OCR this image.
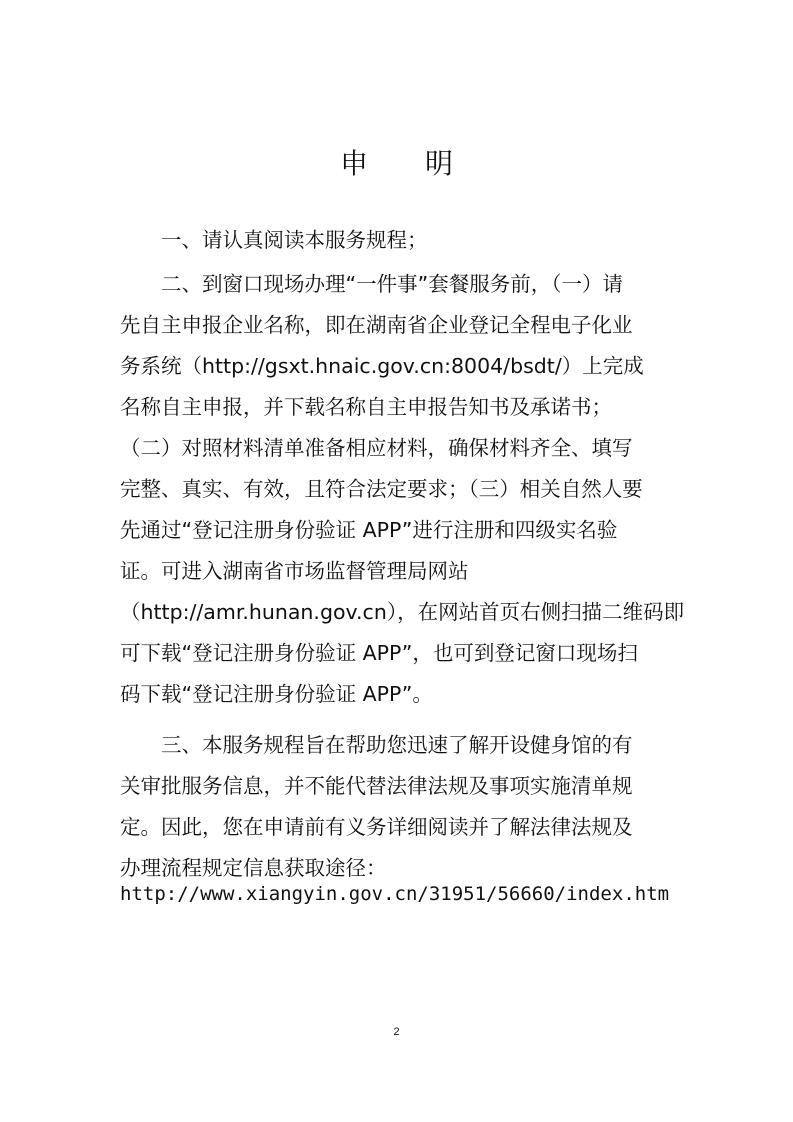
申 明
　　一、请认真阅读本服务规程；
　　二、到窗口现场办理“一件事”套餐服务前，（一）请
先自主申报企业名称，即在湖南省企业登记全程电子化业
务系统（http://gsxt.hnaic.gov.cn:8004/bsdt/）上完成
名称自主申报，并下载名称自主申报告知书及承诺书；
（二）对照材料清单准备相应材料，确保材料齐全、填写
完整、真实、有效，且符合法定要求；（三）相关自然人要
先通过“登记注册身份验证 APP”进行注册和四级实名验
证。可进入湖南省市场监督管理局网站
（http://amr.hunan.gov.cn），在网站首页右侧扫描二维码即
可下载“登记注册身份验证 APP”，也可到登记窗口现场扫
码下载“登记注册身份验证 APP”。
　　三、本服务规程旨在帮助您迅速了解开设健身馆的有
关审批服务信息，并不能代替法律法规及事项实施清单规
定。因此，您在申请前有义务详细阅读并了解法律法规及
办理流程规定信息获取途径：
http://www.xiangyin.gov.cn/31951/56660/index.htm
2
